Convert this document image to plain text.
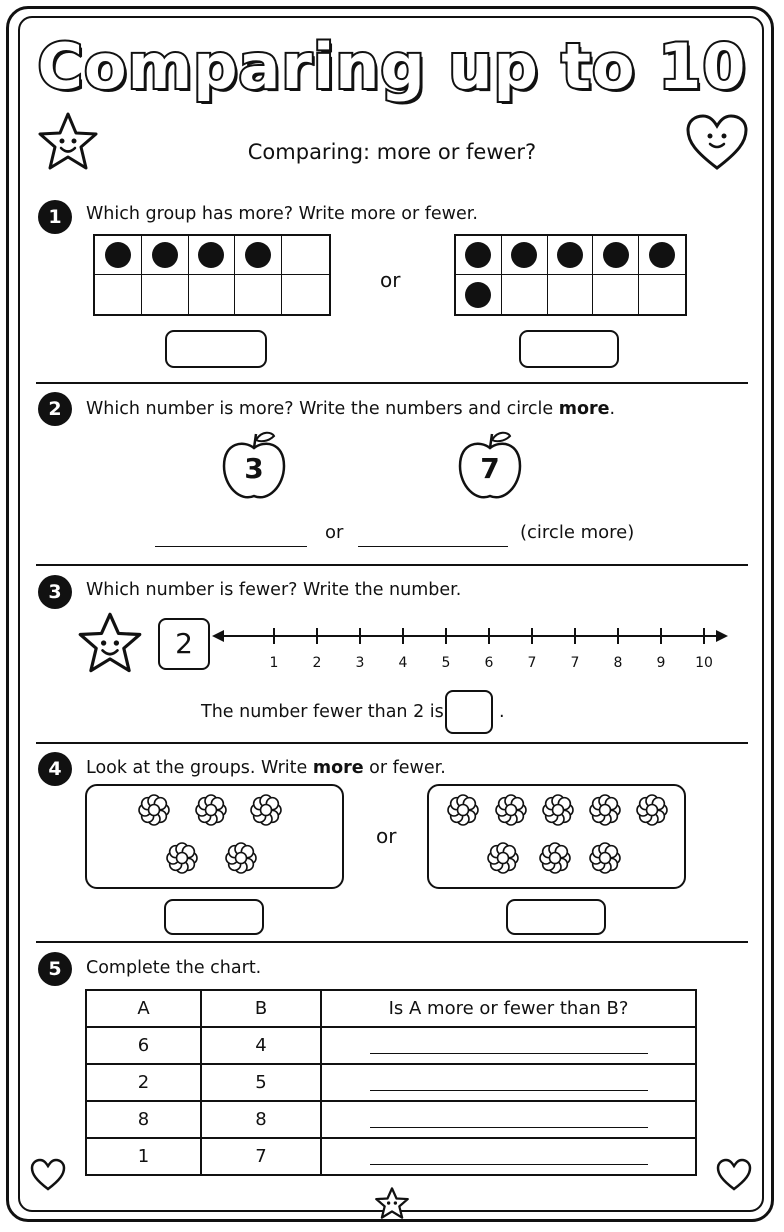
Comparing up to 10
Comparing: more or fewer?
1	Which group has more? Write more or fewer.
or
2	Which number is more? Write the numbers and circle more.
3	7
or	(circle more)
3	Which number is fewer? Write the number.
2
1	2	3	4	5	6	7	7	8	9	10
The number fewer than 2 is	.
4	Look at the groups. Write more or fewer.
or
5	Complete the chart.
A	B	Is A more or fewer than B?
6	4	
2	5	
8	8	
1	7	
